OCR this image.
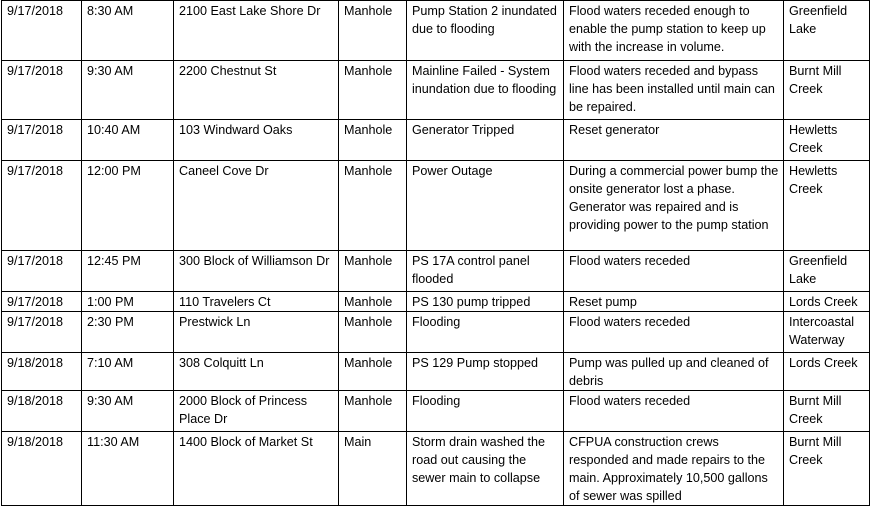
9/17/2018	8:30 AM	2100 East Lake Shore Dr	Manhole	Pump Station 2 inundated due to flooding	Flood waters receded enough to enable the pump station to keep up with the increase in volume.	Greenfield Lake
9/17/2018	9:30 AM	2200 Chestnut St	Manhole	Mainline Failed - System inundation due to flooding	Flood waters receded and bypass line has been installed until main can be repaired.	Burnt Mill Creek
9/17/2018	10:40 AM	103 Windward Oaks	Manhole	Generator Tripped	Reset generator	Hewletts Creek
9/17/2018	12:00 PM	Caneel Cove Dr	Manhole	Power Outage	During a commercial power bump the onsite generator lost a phase. Generator was repaired and is providing power to the pump station	Hewletts Creek
9/17/2018	12:45 PM	300 Block of Williamson Dr	Manhole	PS 17A control panel flooded	Flood waters receded	Greenfield Lake
9/17/2018	1:00 PM	110 Travelers Ct	Manhole	PS 130 pump tripped	Reset pump	Lords Creek
9/17/2018	2:30 PM	Prestwick Ln	Manhole	Flooding	Flood waters receded	Intercoastal Waterway
9/18/2018	7:10 AM	308 Colquitt Ln	Manhole	PS 129 Pump stopped	Pump was pulled up and cleaned of debris	Lords Creek
9/18/2018	9:30 AM	2000 Block of Princess Place Dr	Manhole	Flooding	Flood waters receded	Burnt Mill Creek
9/18/2018	11:30 AM	1400 Block of Market St	Main	Storm drain washed the road out causing the sewer main to collapse	CFPUA construction crews responded and made repairs to the main. Approximately 10,500 gallons of sewer was spilled	Burnt Mill Creek
